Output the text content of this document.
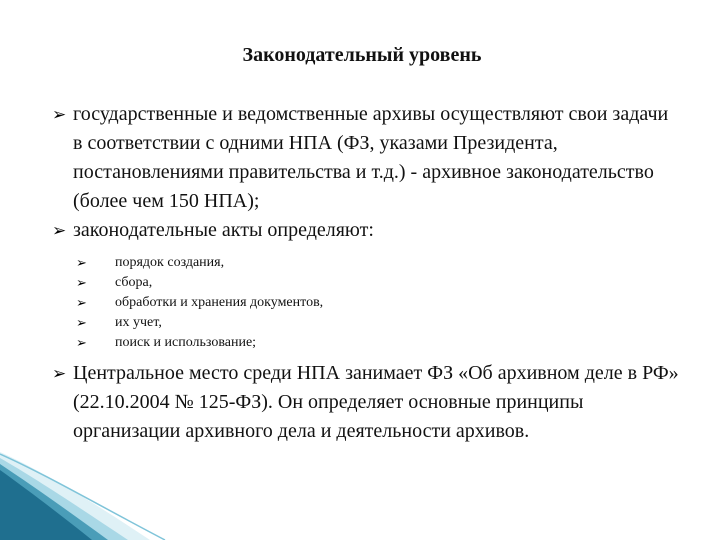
Законодательный уровень
➢ государственные и ведомственные архивы осуществляют свои задачи в соответствии с одними НПА (ФЗ, указами Президента, постановлениями правительства и т.д.) - архивное законодательство (более чем 150 НПА);
➢ законодательные акты определяют:
➢ порядок создания,
➢ сбора,
➢ обработки и хранения документов,
➢ их учет,
➢ поиск и использование;
➢ Центральное место среди НПА занимает ФЗ «Об архивном деле в РФ» (22.10.2004 № 125-ФЗ). Он определяет основные принципы организации архивного дела и деятельности архивов.
